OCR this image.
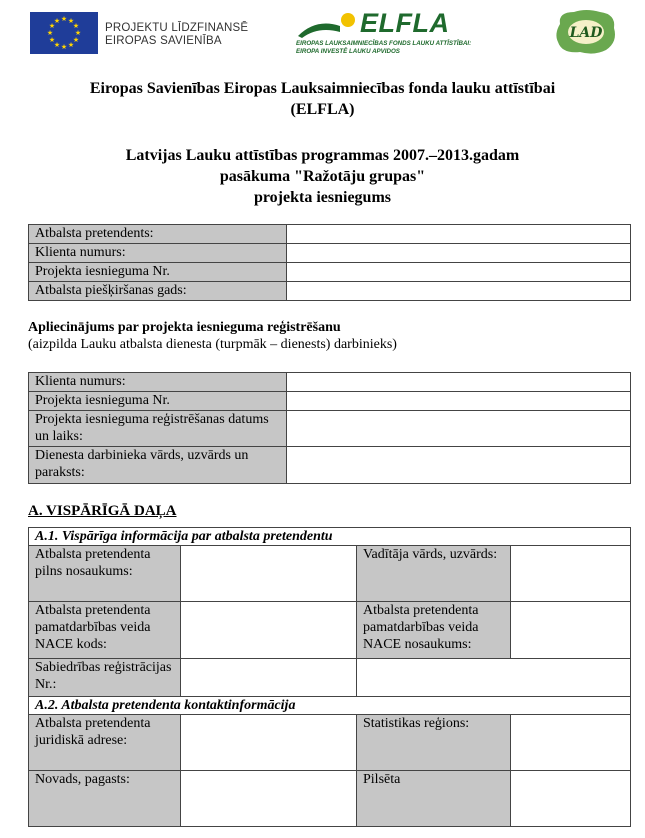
★ ★
★
★
★
★
★
★
★
★
★
★
PROJEKTU LĪDZFINANSĒ
EIROPAS SAVIENĪBA
ELFLA
EIROPAS LAUKSAIMNIECĪBAS FONDS LAUKU ATTĪSTĪBAI:
EIROPA INVESTĒ LAUKU APVIDOS
LAD
Eiropas Savienības Eiropas Lauksaimniecības fonda lauku attīstībai
(ELFLA)
Latvijas Lauku attīstības programmas 2007.–2013.gadam
pasākuma "Ražotāju grupas"
projekta iesniegums
Atbalsta pretendents:	
Klienta numurs:	
Projekta iesnieguma Nr.	
Atbalsta piešķiršanas gads:	
Apliecinājums par projekta iesnieguma reģistrēšanu
(aizpilda Lauku atbalsta dienesta (turpmāk – dienests) darbinieks)
Klienta numurs:	
Projekta iesnieguma Nr.	
Projekta iesnieguma reģistrēšanas datums un laiks:	
Dienesta darbinieka vārds, uzvārds un paraksts:	
A. VISPĀRĪGĀ DAĻA
A.1. Vispārīga informācija par atbalsta pretendentu			
Atbalsta pretendenta pilns nosaukums:		Vadītāja vārds, uzvārds:	
Atbalsta pretendenta pamatdarbības veida NACE kods:		Atbalsta pretendenta pamatdarbības veida NACE nosaukums:	
Sabiedrības reģistrācijas Nr.:			
A.2. Atbalsta pretendenta kontaktinformācija			
Atbalsta pretendenta juridiskā adrese:		Statistikas reģions:	
Novads, pagasts:		Pilsēta	
